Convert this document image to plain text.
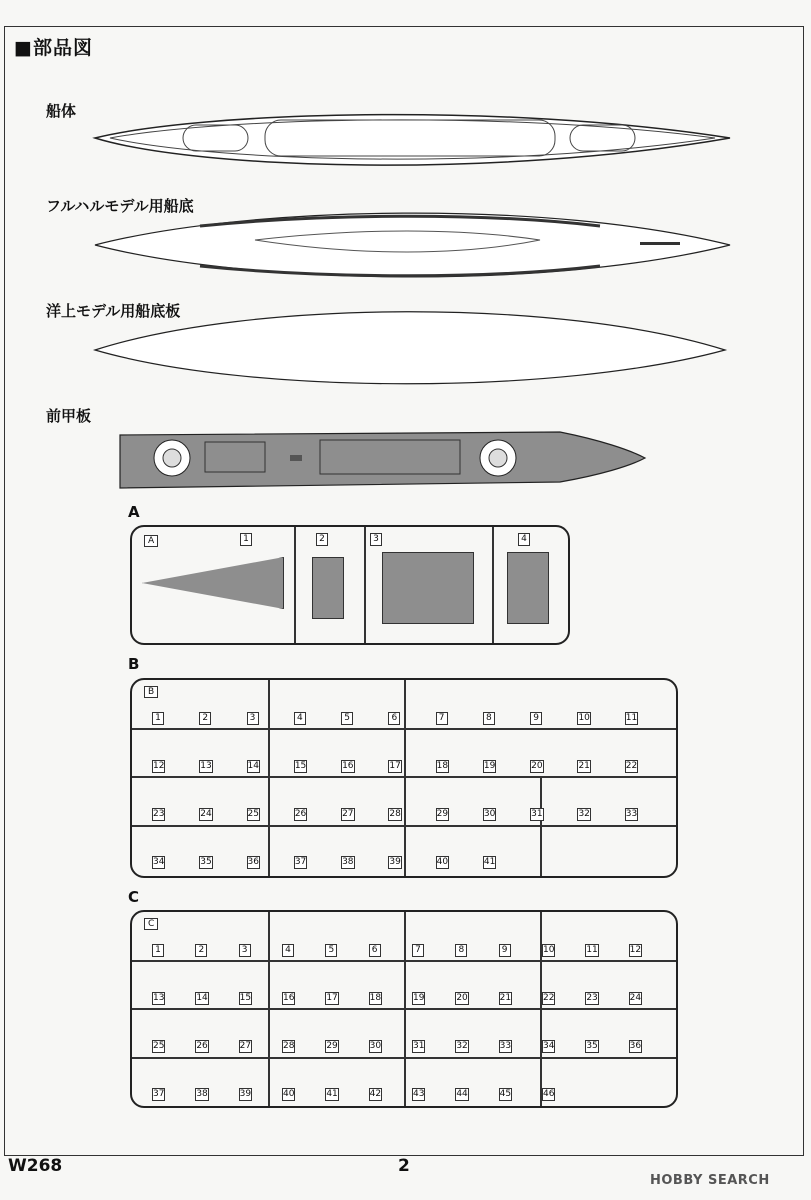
■部品図
船体
フルハルモデル用船底
洋上モデル用船底板
前甲板
A
A	1	2	3	4
B
B
1	2	3	4	5	6	7	8	9	10	11
12	13	14	15	16	17	18	19	20	21	22
23	24	25	26	27	28	29	30	31	32	33
34	35	36	37	38	39	40	41
C
C
1	2	3	4	5	6	7	8	9	10	11	12
13	14	15	16	17	18	19	20	21	22	23	24
25	26	27	28	29	30	31	32	33	34	35	36
37	38	39	40	41	42	43	44	45	46
W268	2
HOBBY SEARCH
